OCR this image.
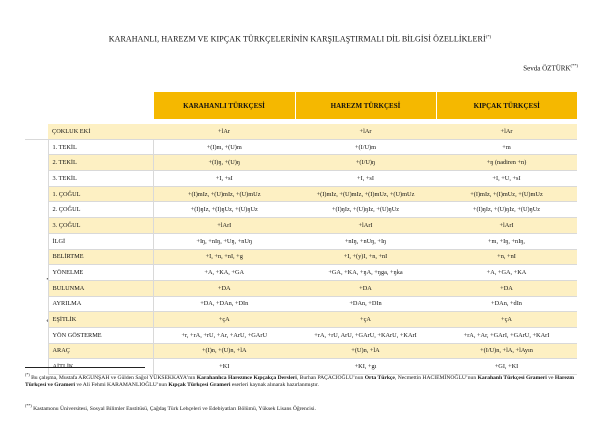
KARAHANLI, HAREZM VE KIPÇAK TÜRKÇELERİNİN KARŞILAŞTIRMALI DİL BİLGİSİ ÖZELLİKLERİ(*)
Sevda ÖZTÜRK(**)
		KARAHANLI TÜRKÇESİ	HAREZM TÜRKÇESİ	KIPÇAK TÜRKÇESİ

	ÇOKLUK EKİ	+lAr	+lAr	+lAr
	1. TEKİL	+(I)m, +(U)m	+(I/U)m	+m
	2. TEKİL	+(I)ŋ, +(U)ŋ	+(I/U)ŋ	+ŋ (nadiren +n)
	3. TEKİL	+I, +sI	+I, +sI	+I, +U, +sI
	1. ÇOĞUL	+(I)mIz, +(U)mIz, +(U)mUz	+(I)mIz, +(U)mIz, +(I)mUz, +(U)mUz	+(I)mIz, +(I)mUz, +(U)mUz
	2. ÇOĞUL	+(I)ŋIz, +(I)ŋUz, +(U)ŋUz	+(I)ŋIz, +(U)ŋIz, +(U)ŋUz	+(I)ŋIz, +(U)ŋIz, +(U)ŋUz
	3. ÇOĞUL	+lArI	+lArI	+lArI
	İLGİ	+Iŋ, +nIŋ, +Uŋ, +nUŋ	+nIŋ, +nUŋ, +Iŋ	+m, +Iŋ, +nIŋ,
	BELİRTME	+I, +n, +nI, +g	+I, +(y)I, +n, +nI	+n, +nI
	YÖNELME	+A, +KA, +GA	+GA, +KA, +ŋA, +ŋga, +ŋka	+A, +GA, +KA
	BULUNMA	+DA	+DA	+DA
	AYRILMA	+DA, +DAn, +DIn	+DAn, +DIn	+DAn, +dIn
	EŞİTLİK	+çA	+çA	+çA
	YÖN GÖSTERME	+r, +rA, +rU, +Ar, +ArU, +GArU	+rA, +rU, ArU, +GArU, +KArU, +KArI	+rA, +Ar, +GArI, +GArU, +KArI
	ARAÇ	+(I)n, +(U)n, +lA	+(U)n, +lA	+(I/U)n, +lA, +lAyın
	AİTLİK	+KI	+KI, +gı	+GI, +KI
(*) Bu çalışma, Mustafa ARGUNŞAH ve Gülden Sağol YÜKSEKKAYA’nın Karahanlıca Harezmce Kıpçakça Dersleri, Burhan PAÇACIOĞLU’nun Orta Türkçe, Necmettin HACIEMİNOĞLU’nun Karahanlı Türkçesi Grameri ve Harezm Türkçesi ve Grameri ve Ali Fehmi KARAMANLIOĞLU’nun Kıpçak Türkçesi Grameri eserleri kaynak alınarak hazırlanmıştır.
(**) Kastamonu Üniversitesi, Sosyal Bilimler Enstitüsü, Çağdaş Türk Lehçeleri ve Edebiyatları Bölümü, Yüksek Lisans Öğrencisi.
